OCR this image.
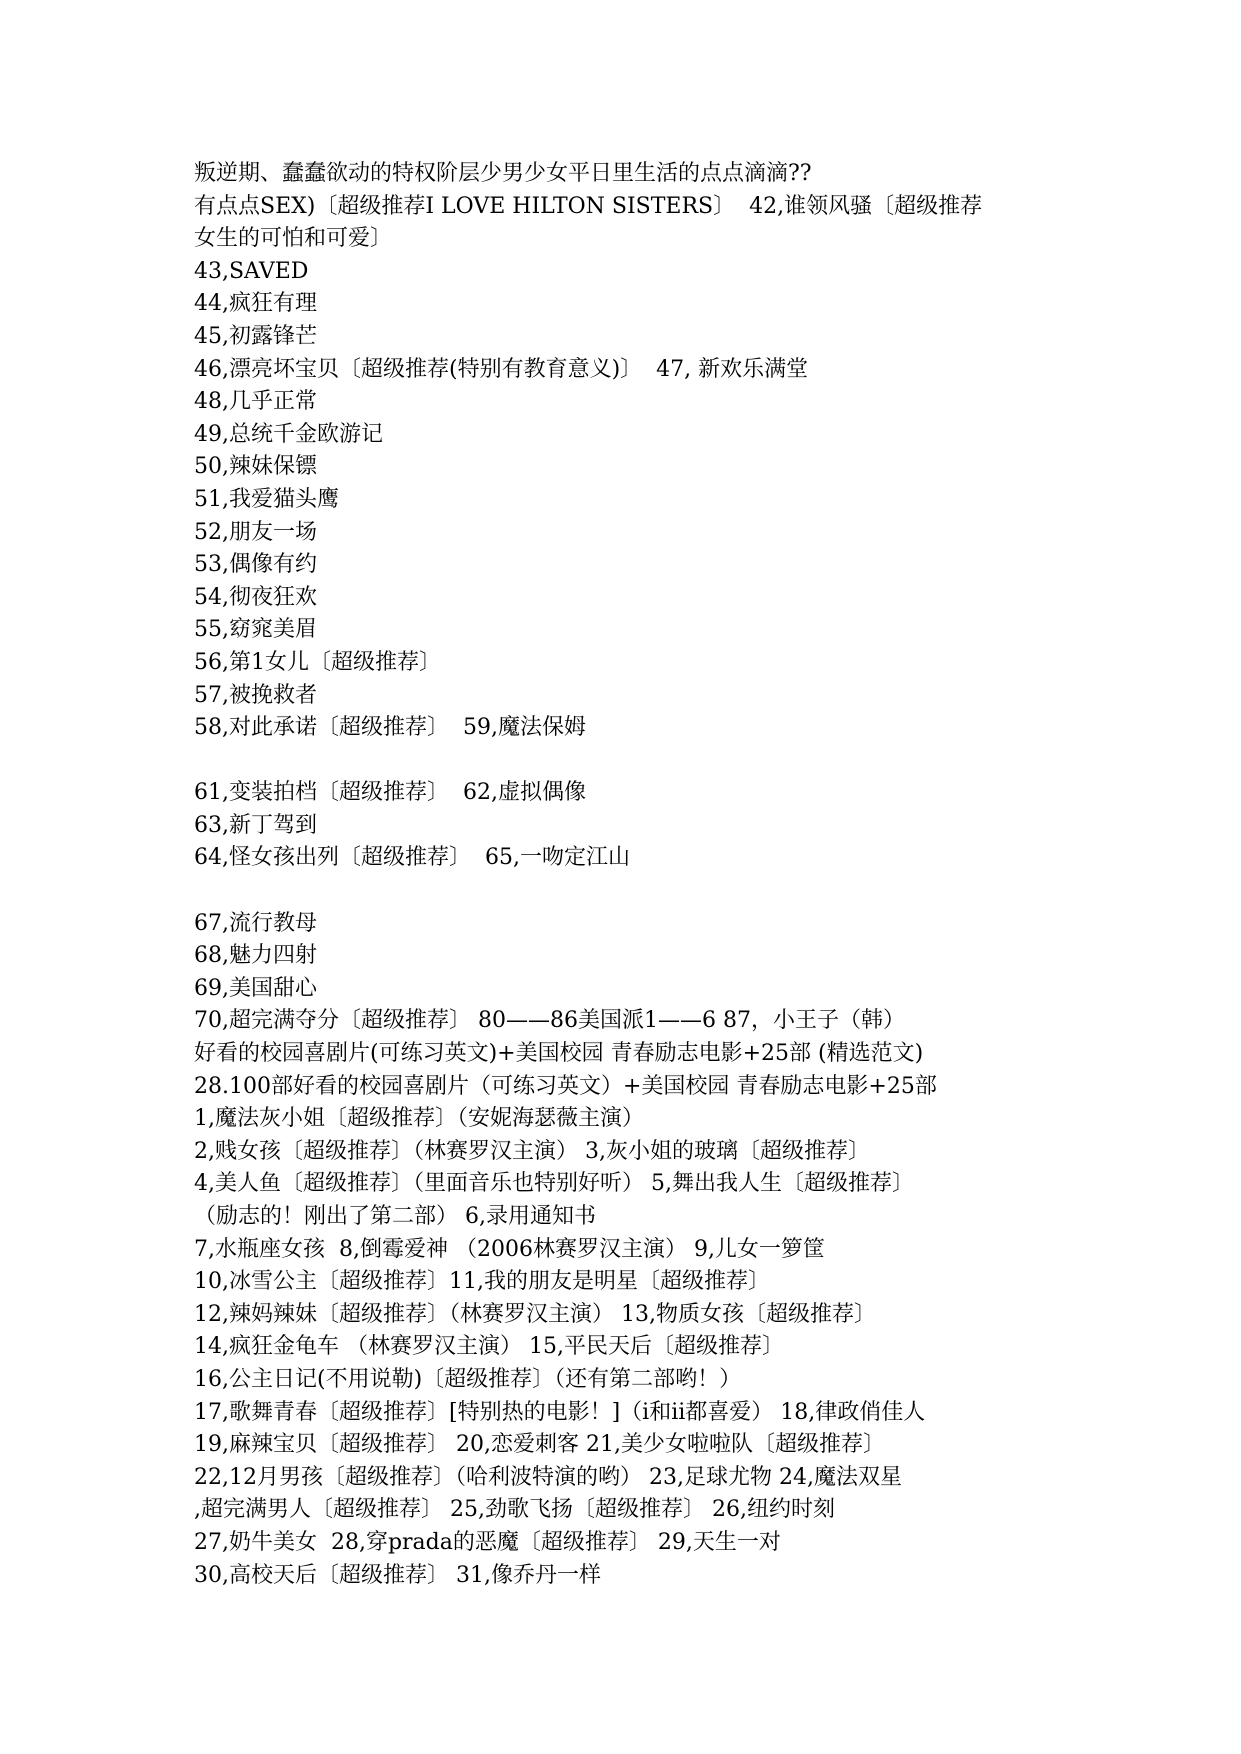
叛逆期、蠢蠢欲动的特权阶层少男少女平日里生活的点点滴滴??
有点点SEX)〔超级推荐I LOVE HILTON SISTERS〕  42,谁领风骚〔超级推荐
女生的可怕和可爱〕
43,SAVED
44,疯狂有理
45,初露锋芒
46,漂亮坏宝贝〔超级推荐(特别有教育意义)〕  47, 新欢乐满堂
48,几乎正常
49,总统千金欧游记
50,辣妹保镖
51,我爱猫头鹰
52,朋友一场
53,偶像有约
54,彻夜狂欢
55,窈窕美眉
56,第1女儿〔超级推荐〕
57,被挽救者
58,对此承诺〔超级推荐〕  59,魔法保姆
61,变装拍档〔超级推荐〕  62,虚拟偶像
63,新丁驾到
64,怪女孩出列〔超级推荐〕  65,一吻定江山
67,流行教母
68,魅力四射
69,美国甜心
70,超完满夺分〔超级推荐〕 80——86美国派1——6 87，小王子（韩）
好看的校园喜剧片(可练习英文)+美国校园 青春励志电影+25部 (精选范文)
28.100部好看的校园喜剧片（可练习英文）+美国校园 青春励志电影+25部
1,魔法灰小姐〔超级推荐〕（安妮海瑟薇主演）
2,贱女孩〔超级推荐〕（林赛罗汉主演） 3,灰小姐的玻璃〔超级推荐〕
4,美人鱼〔超级推荐〕（里面音乐也特别好听） 5,舞出我人生〔超级推荐〕
（励志的！刚出了第二部） 6,录用通知书
7,水瓶座女孩  8,倒霉爱神 （2006林赛罗汉主演） 9,儿女一箩筐
10,冰雪公主〔超级推荐〕11,我的朋友是明星〔超级推荐〕
12,辣妈辣妹〔超级推荐〕（林赛罗汉主演） 13,物质女孩〔超级推荐〕
14,疯狂金龟车 （林赛罗汉主演） 15,平民天后〔超级推荐〕
16,公主日记(不用说勒)〔超级推荐〕（还有第二部哟！）
17,歌舞青春〔超级推荐〕[特别热的电影！]（ⅰ和ⅱ都喜爱） 18,律政俏佳人
19,麻辣宝贝〔超级推荐〕 20,恋爱刺客 21,美少女啦啦队〔超级推荐〕
22,12月男孩〔超级推荐〕（哈利波特演的哟） 23,足球尤物 24,魔法双星
,超完满男人〔超级推荐〕 25,劲歌飞扬〔超级推荐〕 26,纽约时刻
27,奶牛美女  28,穿prada的恶魔〔超级推荐〕 29,天生一对
30,高校天后〔超级推荐〕 31,像乔丹一样
